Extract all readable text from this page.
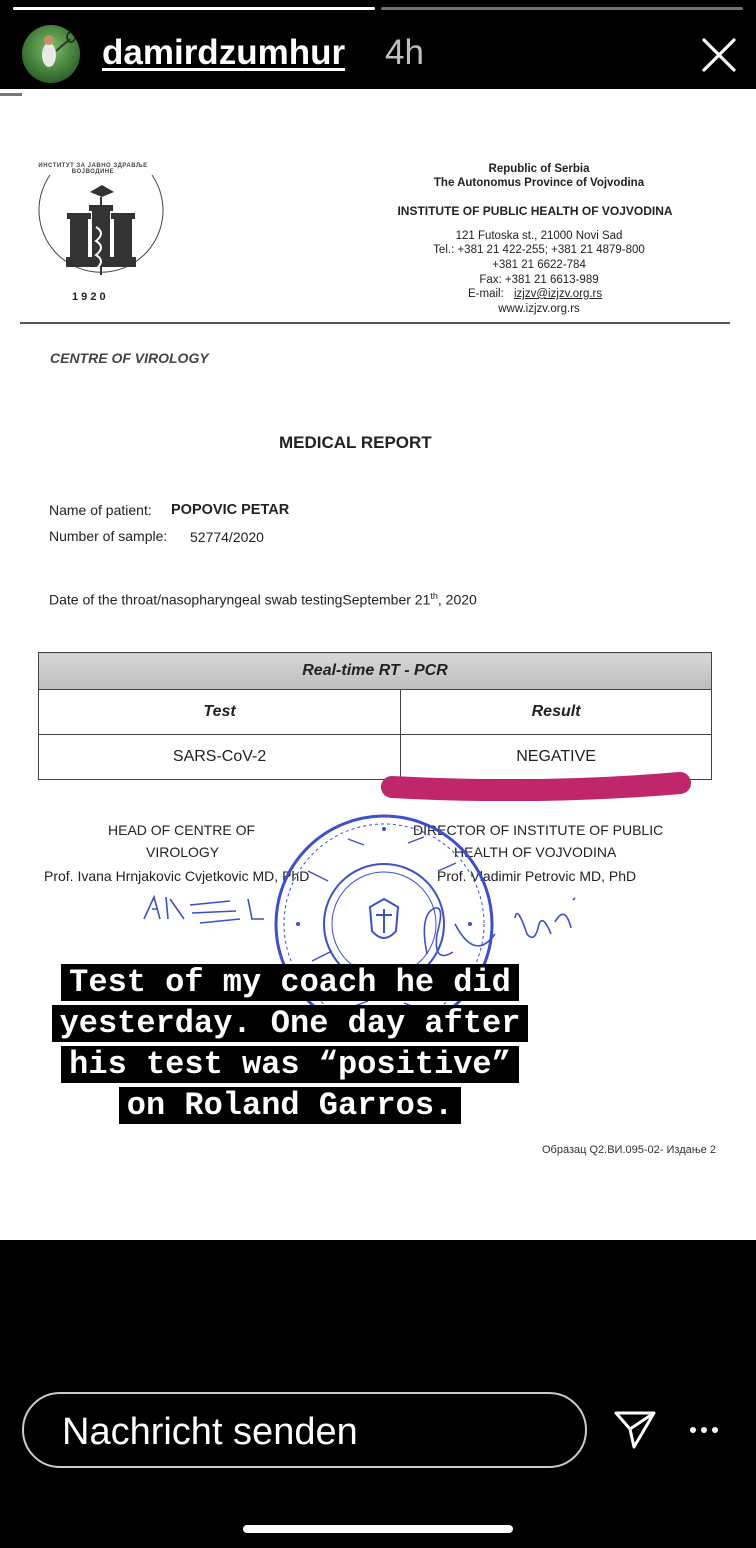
damirdzumhur 4h
ИНСТИТУТ ЗА ЈАВНО ЗДРАВЉЕ ВОЈВОДИНЕ
1 9 2 0
Republic of Serbia
The Autonomus Province of Vojvodina
INSTITUTE OF PUBLIC HEALTH OF VOJVODINA
121 Futoska st., 21000 Novi Sad
Tel.: +381 21 422-255; +381 21 4879-800
+381 21 6622-784
Fax: +381 21 6613-989
E-mail: izjzv@izjzv.org.rs
www.izjzv.org.rs
CENTRE OF VIROLOGY
MEDICAL REPORT
Name of patient: POPOVIC PETAR
Number of sample: 52774/2020
Date of the throat/nasopharyngeal swab testingSeptember 21th, 2020
Real-time RT - PCR	
Test	Result
SARS-CoV-2	NEGATIVE
HEAD OF CENTRE OF
VIROLOGY
Prof. Ivana Hrnjakovic Cvjetkovic MD, PhD
DIRECTOR OF INSTITUTE OF PUBLIC
HEALTH OF VOJVODINA
Prof. Vladimir Petrovic MD, PhD
Образац Q2.ВИ.095-02- Издање 2
Test of my coach he did
yesterday. One day after
his test was “positive”
on Roland Garros.
Nachricht senden
